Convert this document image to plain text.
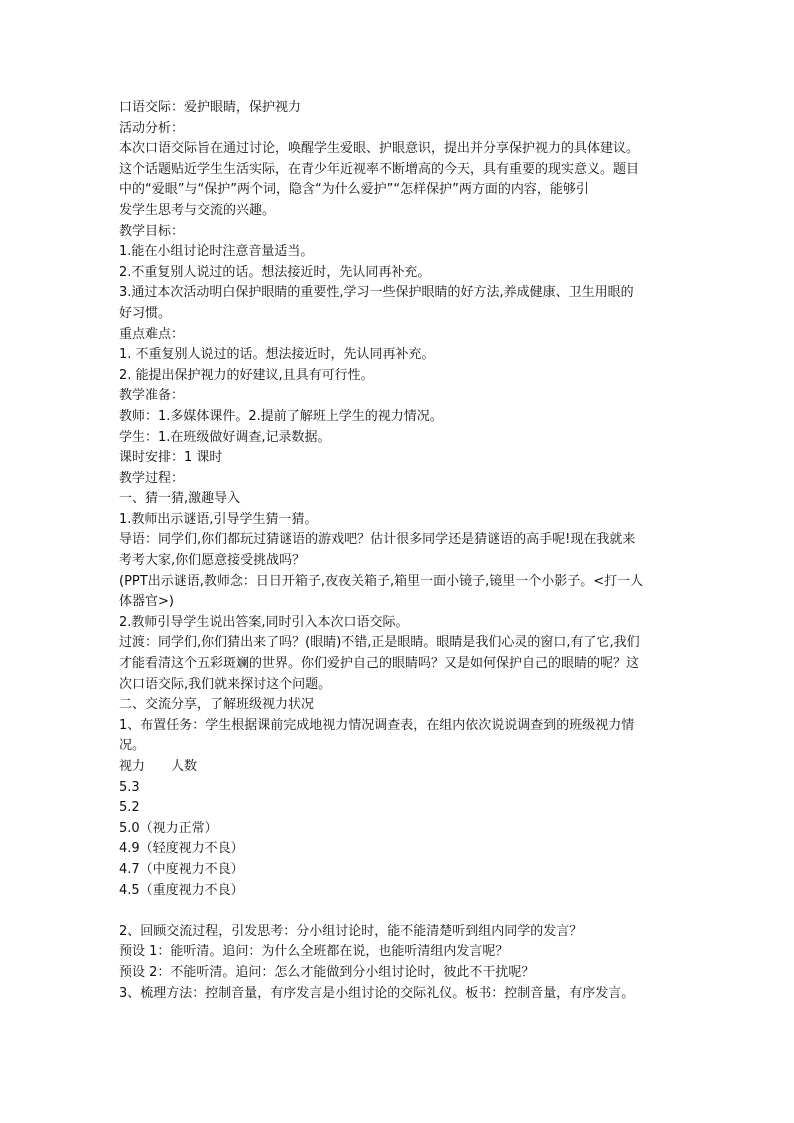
口语交际：爱护眼睛，保护视力
活动分析：
本次口语交际旨在通过讨论，唤醒学生爱眼、护眼意识，提出并分享保护视力的具体建议。
这个话题贴近学生生活实际，在青少年近视率不断增高的今天，具有重要的现实意义。题目
中的“爱眼”与“保护”两个词，隐含“为什么爱护”“怎样保护”两方面的内容，能够引
发学生思考与交流的兴趣。
教学目标：
1.能在小组讨论时注意音量适当。
2.不重复别人说过的话。想法接近时，先认同再补充。
3.通过本次活动明白保护眼睛的重要性,学习一些保护眼睛的好方法,养成健康、卫生用眼的
好习惯。
重点难点：
1. 不重复别人说过的话。想法接近时，先认同再补充。
2. 能提出保护视力的好建议,且具有可行性。
教学准备：
教师：1.多媒体课件。2.提前了解班上学生的视力情况。
学生：1.在班级做好调查,记录数据。
课时安排：1 课时
教学过程：
一、猜一猜,激趣导入
1.教师出示谜语,引导学生猜一猜。
导语：同学们,你们都玩过猜谜语的游戏吧？估计很多同学还是猜谜语的高手呢!现在我就来
考考大家,你们愿意接受挑战吗？
(PPT出示谜语,教师念：日日开箱子,夜夜关箱子,箱里一面小镜子,镜里一个小影子。<打一人
体器官>)
2.教师引导学生说出答案,同时引入本次口语交际。
过渡：同学们,你们猜出来了吗？(眼睛)不错,正是眼睛。眼睛是我们心灵的窗口,有了它,我们
才能看清这个五彩斑斓的世界。你们爱护自己的眼睛吗？又是如何保护自己的眼睛的呢？这
次口语交际,我们就来探讨这个问题。
二、交流分享，了解班级视力状况
1、布置任务：学生根据课前完成地视力情况调查表，在组内依次说说调查到的班级视力情
况。
视力 人数
5.3
5.2
5.0（视力正常）
4.9（轻度视力不良）
4.7（中度视力不良）
4.5（重度视力不良）
2、回顾交流过程，引发思考：分小组讨论时，能不能清楚听到组内同学的发言？
预设 1：能听清。追问：为什么全班都在说，也能听清组内发言呢？
预设 2：不能听清。追问：怎么才能做到分小组讨论时，彼此不干扰呢？
3、梳理方法：控制音量，有序发言是小组讨论的交际礼仪。板书：控制音量，有序发言。
